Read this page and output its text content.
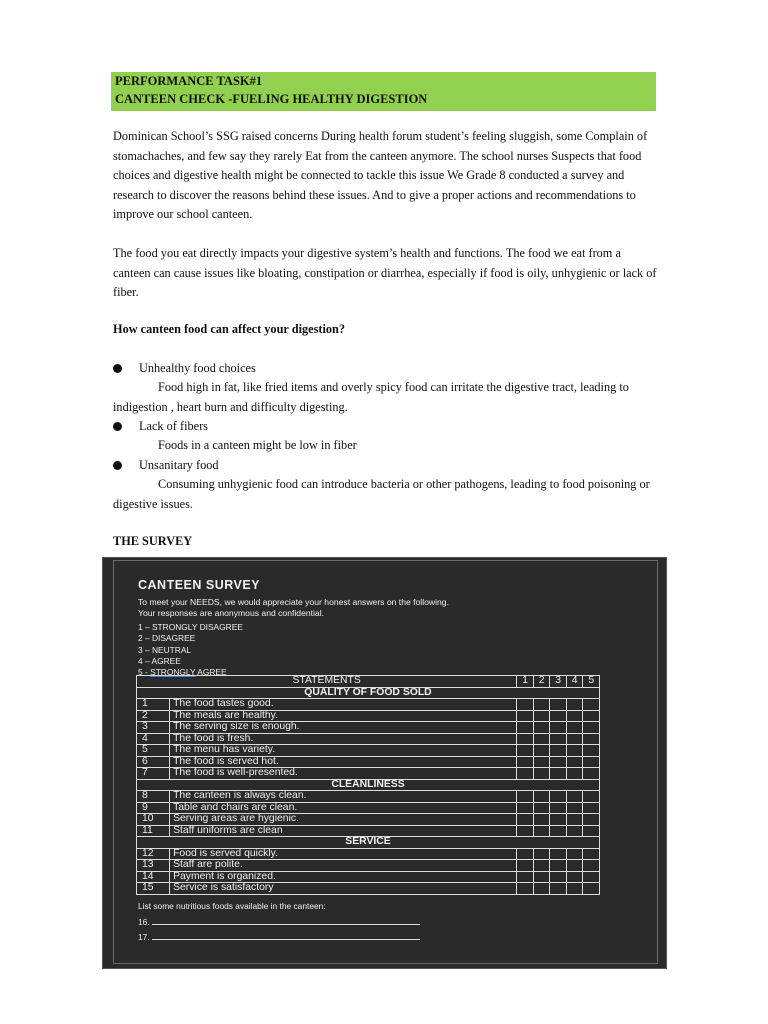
PERFORMANCE TASK#1
CANTEEN CHECK -FUELING HEALTHY DIGESTION

Dominican School’s SSG raised concerns During health forum student’s feeling sluggish, some Complain of stomachaches, and few say they rarely Eat from the canteen anymore. The school nurses Suspects that food choices and digestive health might be connected to tackle this issue We Grade 8 conducted a survey and research to discover the reasons behind these issues. And to give a proper actions and recommendations to improve our school canteen.

The food you eat directly impacts your digestive system’s health and functions. The food we eat from a canteen can cause issues like bloating, constipation or diarrhea, especially if food is oily, unhygienic or lack of fiber.

How canteen food can affect your digestion?
Unhealthy food choices
Food high in fat, like fried items and overly spicy food can irritate the digestive tract, leading to indigestion , heart burn and difficulty digesting.
Lack of fibers
Foods in a canteen might be low in fiber
Unsanitary food
Consuming unhygienic food can introduce bacteria or other pathogens, leading to food poisoning or digestive issues.
THE SURVEY
CANTEEN SURVEY
To meet your NEEDS, we would appreciate your honest answers on the following.
Your responses are anonymous and confidential.
1 – STRONGLY DISAGREE
2 – DISAGREE
3 – NEUTRAL
4 – AGREE
5 - STRONGLY AGREE
STATEMENTS		1	2	3	4	5
QUALITY OF FOOD SOLD						
1	The food tastes good.					
2	The meals are healthy.					
3	The serving size is enough.					
4	The food is fresh.					
5	The menu has variety.					
6	The food is served hot.					
7	The food is well-presented.					
CLEANLINESS						
8	The canteen is always clean.					
9	Table and chairs are clean.					
10	Serving areas are hygienic.					
11	Staff uniforms are clean					
SERVICE						
12	Food is served quickly.					
13	Staff are polite.					
14	Payment is organized.					
15	Service is satisfactory					
List some nutritious foods available in the canteen:
16.
17.
